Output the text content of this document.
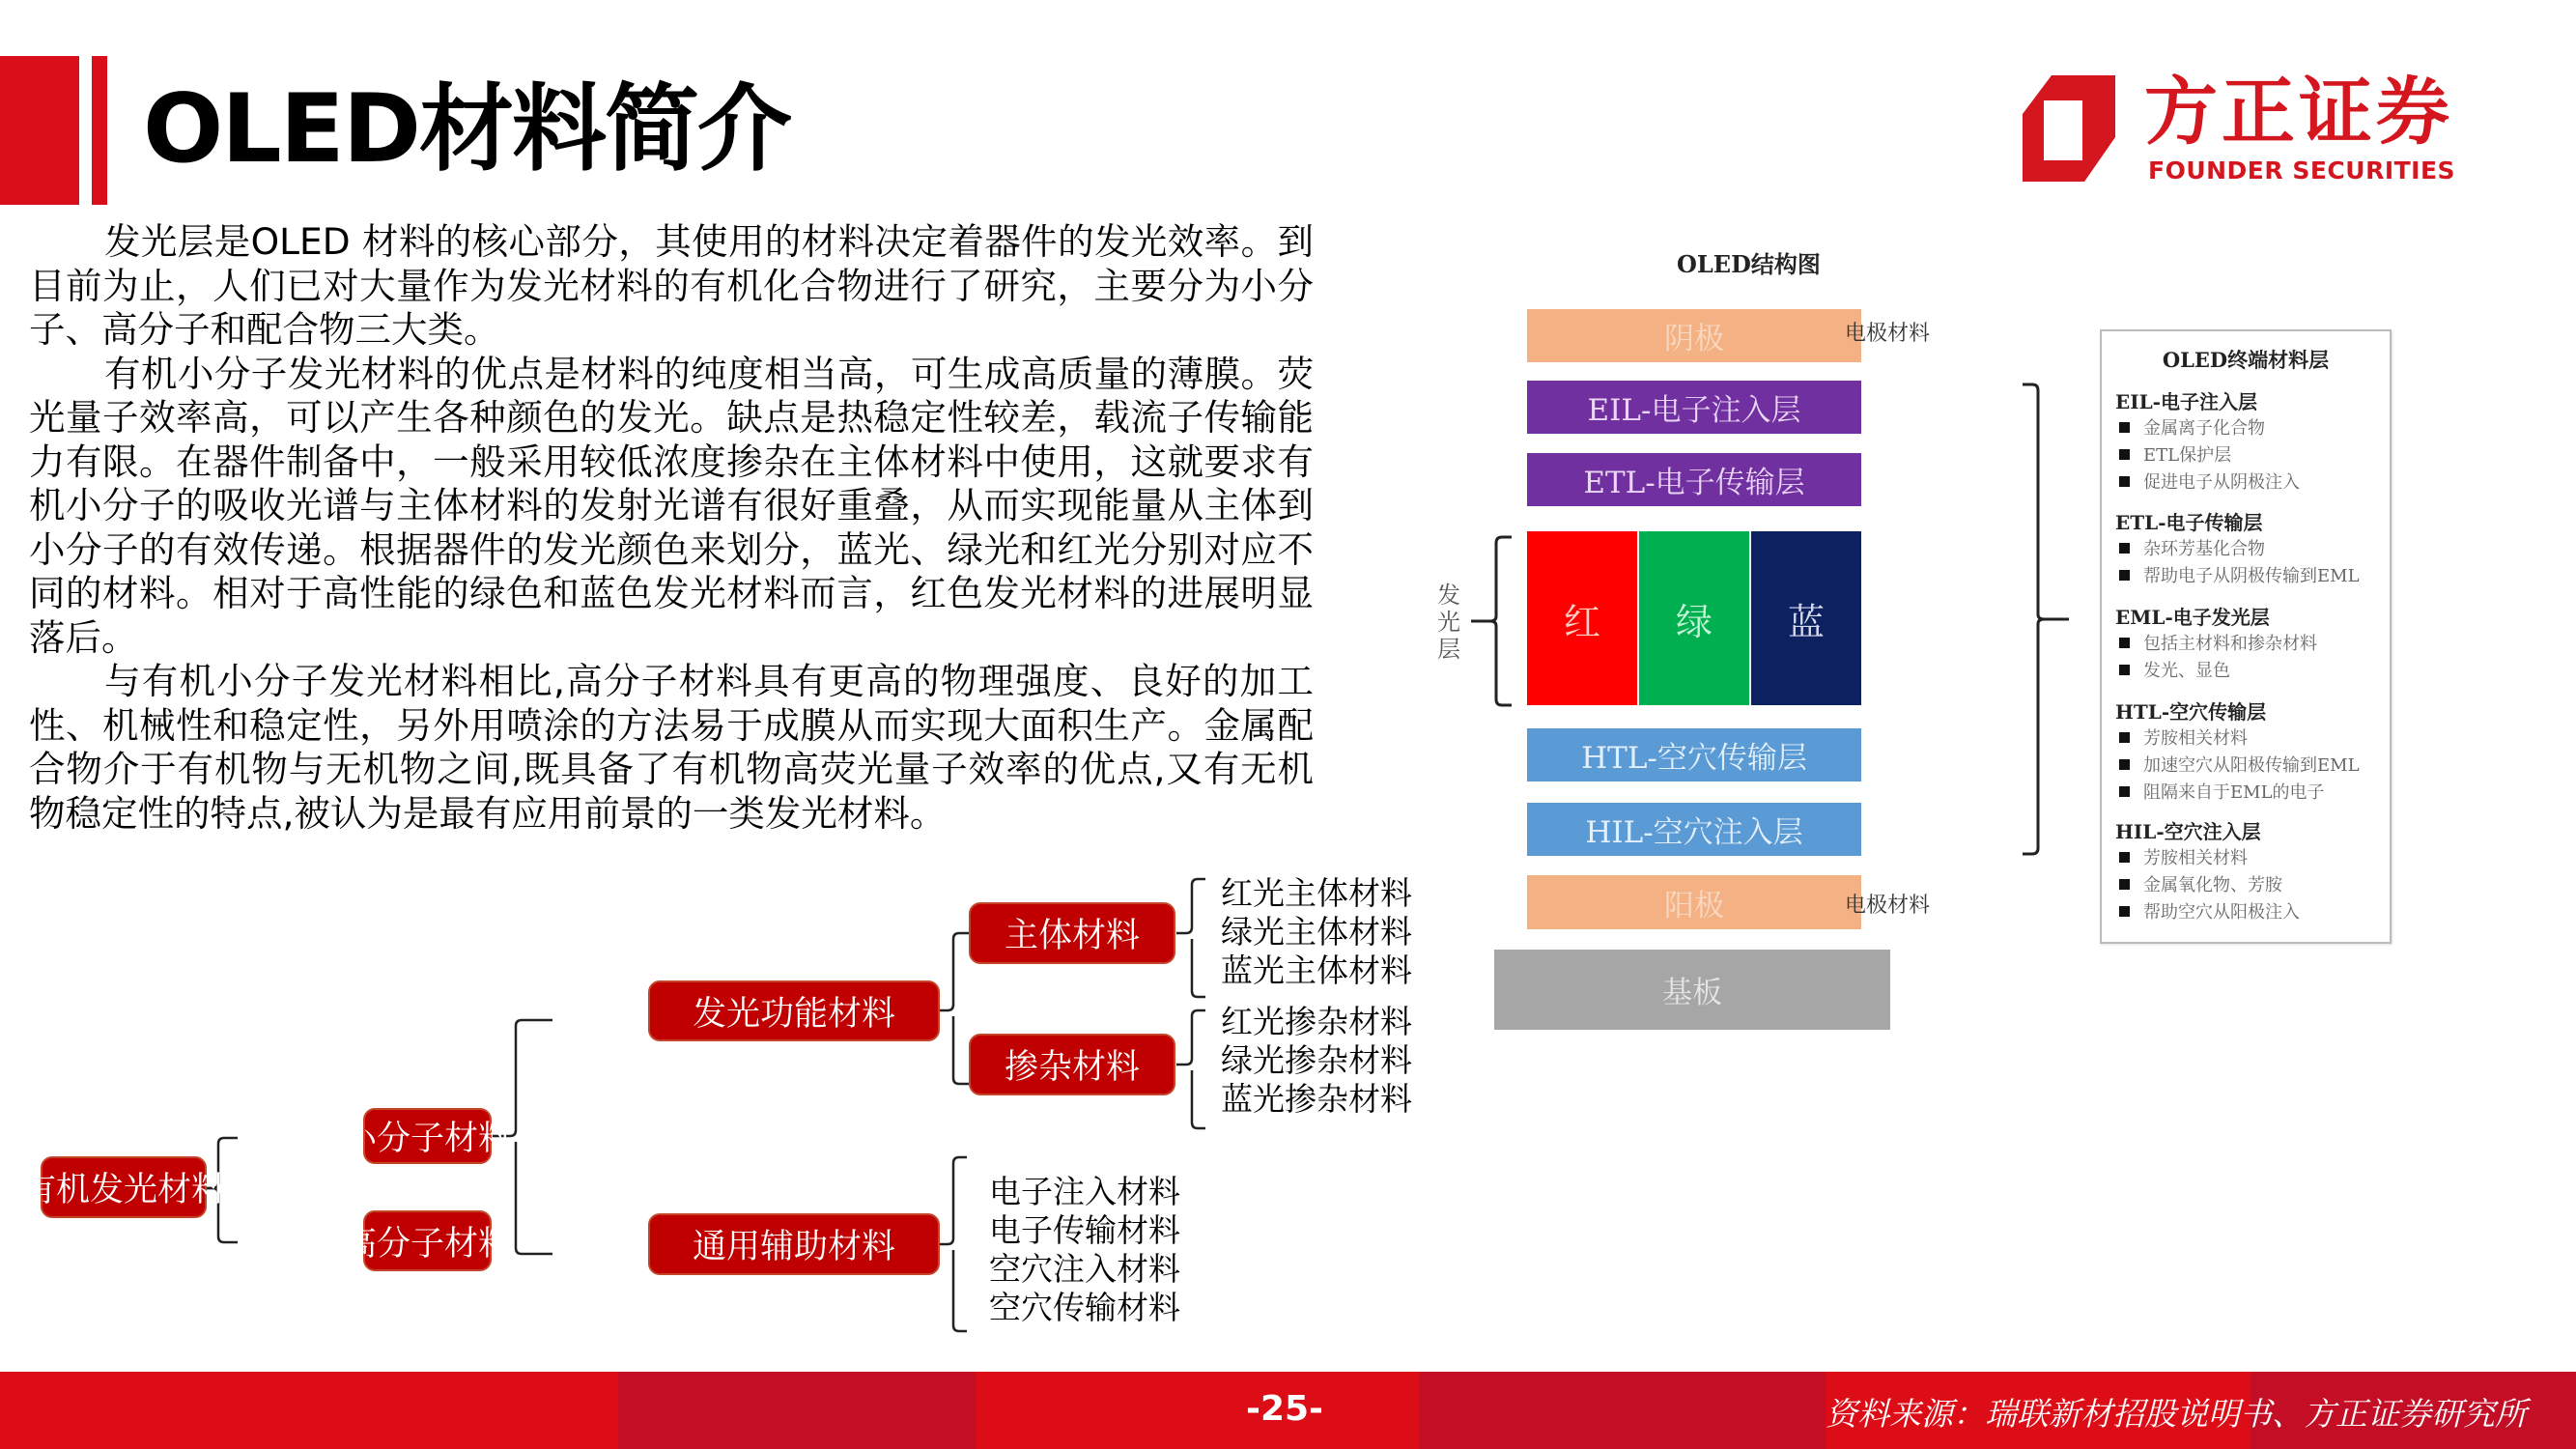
OLED材料简介	方正证券
FOUNDER SECURITIES

发光层是OLED 材料的核心部分，其使用的材料决定着器件的发光效率。到目前为止，人们已对大量作为发光材料的有机化合物进行了研究，主要分为小分子、高分子和配合物三大类。

有机小分子发光材料的优点是材料的纯度相当高，可生成高质量的薄膜。荧光量子效率高，可以产生各种颜色的发光。缺点是热稳定性较差，载流子传输能力有限。在器件制备中，一般采用较低浓度掺杂在主体材料中使用，这就要求有机小分子的吸收光谱与主体材料的发射光谱有很好重叠，从而实现能量从主体到小分子的有效传递。根据器件的发光颜色来划分，蓝光、绿光和红光分别对应不同的材料。相对于高性能的绿色和蓝色发光材料而言，红色发光材料的进展明显落后。

与有机小分子发光材料相比,高分子材料具有更高的物理强度、良好的加工性、机械性和稳定性，另外用喷涂的方法易于成膜从而实现大面积生产。金属配合物介于有机物与无机物之间,既具备了有机物高荧光量子效率的优点,又有无机物稳定性的特点,被认为是最有应用前景的一类发光材料。

有机发光材料
小分子材料
高分子材料
发光功能材料
通用辅助材料
主体材料
掺杂材料
红光主体材料
绿光主体材料
蓝光主体材料
红光掺杂材料
绿光掺杂材料
蓝光掺杂材料
电子注入材料
电子传输材料
空穴注入材料
空穴传输材料
OLED结构图
阴极	电极材料
EIL-电子注入层
ETL-电子传输层
红	绿	蓝
HTL-空穴传输层
HIL-空穴注入层
阳极	电极材料
基板
发光层
OLED终端材料层
EIL-电子注入层
金属离子化合物
ETL保护层
促进电子从阴极注入
ETL-电子传输层
杂环芳基化合物
帮助电子从阴极传输到EML
EML-电子发光层
包括主材料和掺杂材料
发光、显色
HTL-空穴传输层
芳胺相关材料
加速空穴从阳极传输到EML
阻隔来自于EML的电子
HIL-空穴注入层
芳胺相关材料
金属氧化物、芳胺
帮助空穴从阳极注入
-25-	资料来源：瑞联新材招股说明书、方正证券研究所
